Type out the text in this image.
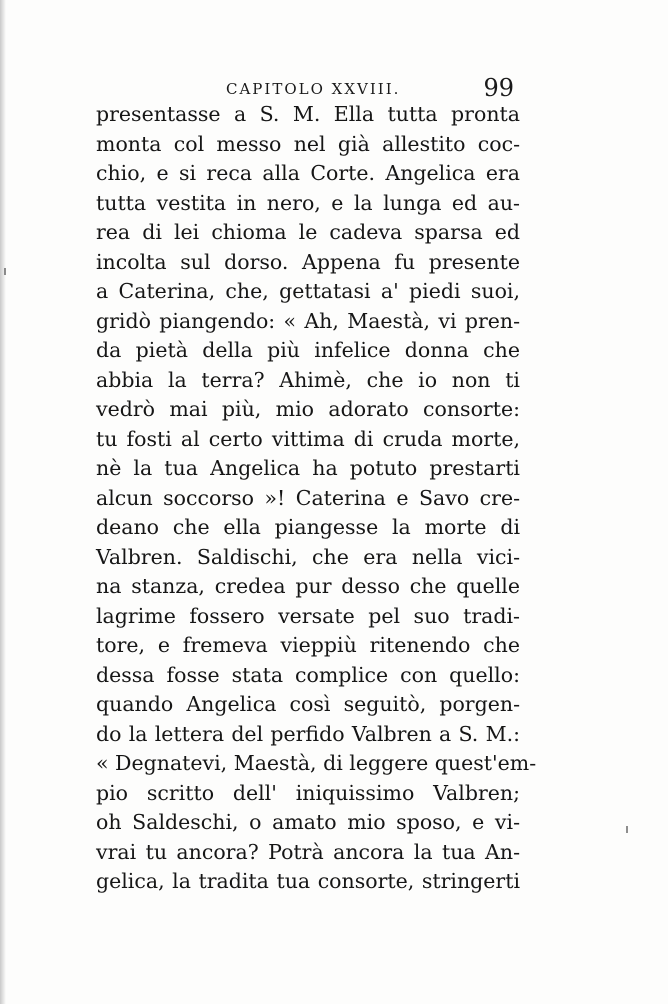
CAPITOLO XXVIII.	99
presentasse a S. M. Ella tutta pronta
monta col messo nel già allestito coc-
chio, e si reca alla Corte. Angelica era
tutta vestita in nero, e la lunga ed au-
rea di lei chioma le cadeva sparsa ed
incolta sul dorso. Appena fu presente
a Caterina, che, gettatasi a' piedi suoi,
gridò piangendo: « Ah, Maestà, vi pren-
da pietà della più infelice donna che
abbia la terra? Ahimè, che io non ti
vedrò mai più, mio adorato consorte:
tu fosti al certo vittima di cruda morte,
nè la tua Angelica ha potuto prestarti
alcun soccorso »! Caterina e Savo cre-
deano che ella piangesse la morte di
Valbren. Saldischi, che era nella vici-
na stanza, credea pur desso che quelle
lagrime fossero versate pel suo tradi-
tore, e fremeva vieppiù ritenendo che
dessa fosse stata complice con quello:
quando Angelica così seguitò, porgen-
do la lettera del perfido Valbren a S. M.:
« Degnatevi, Maestà, di leggere quest'em-
pio scritto dell' iniquissimo Valbren;
oh Saldeschi, o amato mio sposo, e vi-
vrai tu ancora? Potrà ancora la tua An-
gelica, la tradita tua consorte, stringerti
